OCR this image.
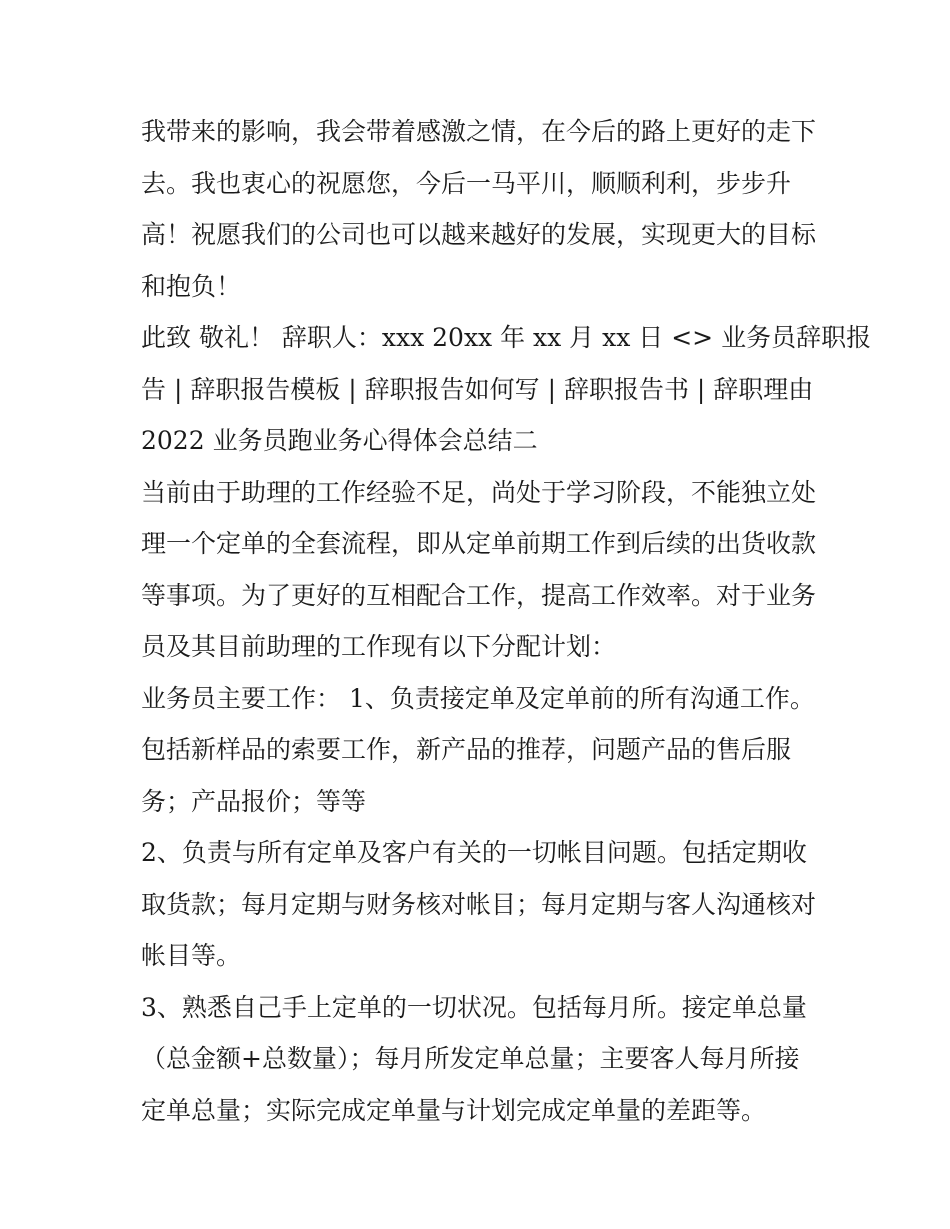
我带来的影响，我会带着感激之情，在今后的路上更好的走下
去。我也衷心的祝愿您，今后一马平川，顺顺利利，步步升
高！祝愿我们的公司也可以越来越好的发展，实现更大的目标
和抱负！
此致 敬礼！ 辞职人：xxx 20xx 年 xx 月 xx 日 <> 业务员辞职报
告 | 辞职报告模板 | 辞职报告如何写 | 辞职报告书 | 辞职理由
2022 业务员跑业务心得体会总结二
当前由于助理的工作经验不足，尚处于学习阶段，不能独立处
理一个定单的全套流程，即从定单前期工作到后续的出货收款
等事项。为了更好的互相配合工作，提高工作效率。对于业务
员及其目前助理的工作现有以下分配计划：
业务员主要工作： 1、负责接定单及定单前的所有沟通工作。
包括新样品的索要工作，新产品的推荐，问题产品的售后服
务；产品报价；等等
2、负责与所有定单及客户有关的一切帐目问题。包括定期收
取货款；每月定期与财务核对帐目；每月定期与客人沟通核对
帐目等。
3、熟悉自己手上定单的一切状况。包括每月所。接定单总量
（总金额+总数量）；每月所发定单总量；主要客人每月所接
定单总量；实际完成定单量与计划完成定单量的差距等。
